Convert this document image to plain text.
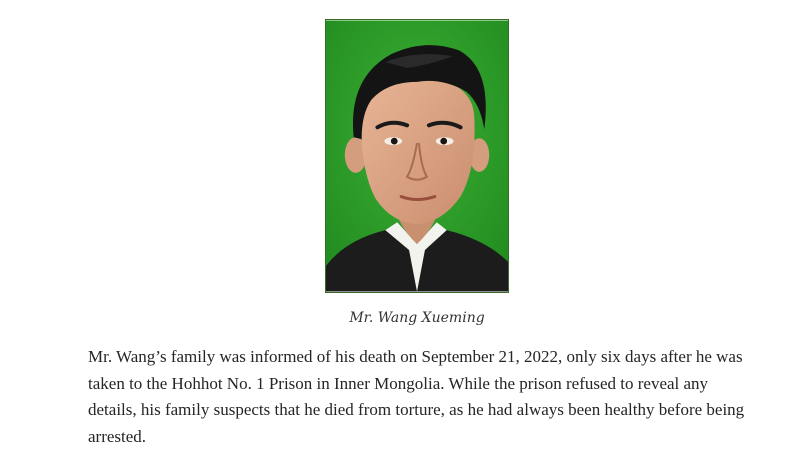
Mr. Wang Xueming

Mr. Wang’s family was informed of his death on September 21, 2022, only six days after he was taken to the Hohhot No. 1 Prison in Inner Mongolia. While the prison refused to reveal any details, his family suspects that he died from torture, as he had always been healthy before being arrested.
